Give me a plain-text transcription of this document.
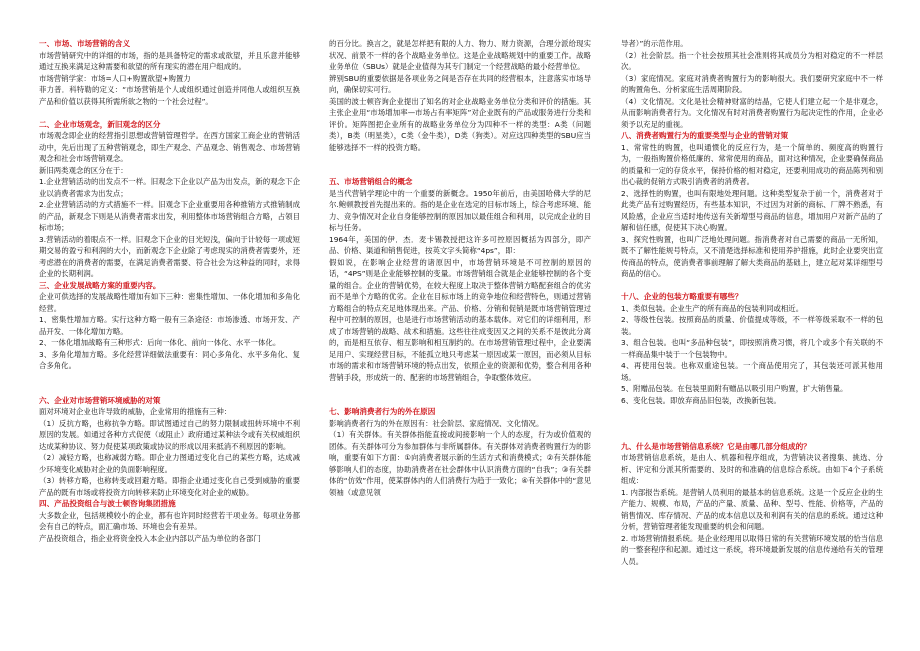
一、市场、市场营销的含义

市场营销研究中的详细的市场，指的是具备特定的需求或欲望，并且乐意并能够通过互换来满足这种需要和欲望的所有现实的潜在用户组成的。

市场营销学家：市场=人口+购置欲望+购置力

菲力普．科特勒的定义：“市场营销是个人或组织通过创造并同他人或组织互换产品和价值以获得其所需所欲之物的一个社会过程”。

二、企业市场观念，新旧观念的区分

市场观念即企业的经营指引思想或营销管理哲学。在西方国家工商企业的营销活动中，先后出现了五种营销观念，即生产观念、产品观念、销售观念、市场营销观念和社会市场营销观念。

新旧两类观念的区分在于：

1.企业营销活动的出发点不一样。旧观念下企业以产品为出发点，新的观念下企业以消费者需求为出发点；

2.企业营销活动的方式措施不一样。旧观念下企业重要用各种推销方式推销制成的产品，新观念下则是从消费者需求出发，利用整体市场营销组合方略，占领目标市场；

3.营销活动的着眼点不一样。旧观念下企业的目光短浅，偏向于计较每一项或短期交易的盈亏和利润的大小，而新观念下企业除了考虑现实的消费者需要外，还考虑潜在的消费者的需要，在满足消费者需要、符合社会为这种益的同时，求得企业的长期利润。

三、企业发展战略方案的重要内容。

企业可供选择的发展战略性增加有如下三种：密集性增加、一体化增加和多角化经营。

1、密集性增加方略。实行这种方略一般有三条途径：市场渗透、市场开发、产品开发、一体化增加方略。

2、一体化增加战略有三种形式：后向一体化、前向一体化、水平一体化。

3、多角化增加方略。多化经营详细做法重要有：同心多角化、水平多角化、复合多角化。

六、企业对市场营销环境威胁的对策

面对环境对企业也许导致的威胁，企业常用的措施有三种：

（1）反抗方略，也称抗争方略。即试图通过自己的努力限制或扭转环境中不利原因的发展。如通过各种方式促使（或阻止）政府通过某种法令或有关权威组织达成某种协议、努力促使某项政策或协议的形成以用来抵消不利原因的影响。

（2）减轻方略，也称减弱方略。即企业力图通过变化自己的某些方略，达成减少环境变化威胁对企业的负面影响程度。

（3）转移方略，也称转变或回避方略。即指企业通过变化自己受到威胁的重要产品的既有市场或将投资方向转移来防止环境变化对企业的威胁。

四、产品投资组合与波士顿咨询集团措施

大多数企业，包括规模较小的企业，都有也许同时经营若干项业务。每项业务都会有自己的特点，面汇确市场、环境也会有差异。

产品投资组合，指企业将资金投入本企业内部以产品为单位的各部门

的百分比。换言之，就是怎样把有限的人力、物力、财力资源，合理分派给现实状况、前景不一样的各个战略业务单位。这是企业战略规划中的重要工作。战略业务单位（SBUs）就是企业值得为其专门制定一个经营战略的最小经营单位。

辨别SBU的重要依据是各项业务之间是否存在共同的经营根本，注意落实市场导向，确保切实可行。

美国的波士顿咨询企业提出了知名的对企业战略业务单位分类和评价的措施。其主张企业用“市场增加率—市场占有率矩阵”对企业既有的产品或服务进行分类和评价。矩阵图把企业所有的战略业务单位分为四种不一样的类型：A类（问题类），B类（明星类），C类（金牛类），D类（狗类）。对应这四种类型的SBU应当能够选择不一样的投资方略。

五、市场营销组合的概念

是当代营销学理论中的一个重要的新概念。1950年前后，由美国哈佛大学的尼尔.鲍顿教授首先提出来的。指的是企业在选定的目标市场上，综合考虑环境、能力、竞争情况对企业自身能够控制的原因加以最佳组合和利用，以完成企业的目标与任务。

1964年，美国的伊．杰．麦卡锡教授把这许多可控原因概括为四部分，即产品、价格、渠道和销售促进，按英文字头简称“4ps”，即：

假如说，在影响企业经营的诸原因中，市场营销环境是不可控制的原因的话，“4PS”则是企业能够控制的变量。市场营销组合就是企业能够控制的各个变量的组合。企业的营销优势，在较大程度上取决于整体营销方略配套组合的优劣而不是单个方略的优劣。企业在目标市场上的竞争地位和经营特色，则通过营销方略组合的特点充足地体现出来。产品、价格、分销和促销是既市场营销管理过程中可控制的原因，也是进行市场营销活动的基本载体。对它们的详细利用，形成了市场营销的战略、战术和措施。这些往往成变因又之间的关系不是彼此分离的，而是相互依存、相互影响和相互制约的。在市场营销管理过程中，企业要满足用户、实现经营目标，不能孤立地只考虑某一原因或某一原因，而必须从目标市场的需求和市场营销环境的特点出发，依照企业的资源和优势，整合利用各种营销手段，形成统一的、配套的市场营销组合，争取整体效应。

七、影响消费者行为的外在原因

影响消费者行为的外在原因有：社会阶层、家庭情况、文化情况。

（1）有关群体。有关群体指能直接或间接影响一个人的态度，行为或价值观的团体。有关群体可分为参加群体与非所属群体。有关群体对消费者购置行为的影响，重要有如下方面：①向消费者展示新的生活方式和消费模式；②有关群体能够影响人们的态度，协助消费者在社会群体中认识消费方面的“自我”；③有关群体的“仿效”作用，使某群体内的人们消费行为趋于一致化；④有关群体中的“意见领袖（或意见领

导者）”的示范作用。

（2）社会阶层。指一个社会按照其社会准则将其成员分为相对稳定的不一样层次。

（3）家庭情况。家庭对消费者购置行为的影响很大。我们要研究家庭中不一样的购置角色、分析家庭生活周期阶段。

（4）文化情况。文化是社会精神财富的结晶，它使人们建立起一个是非观念，从而影响消费者行为。文化情况有时对消费者购置行为起决定性的作用，企业必须予以充足的重视。

八、消费者购置行为的重要类型与企业的营销对策

1、常常性的购置，也叫通惯化的反应行为，是一个简单的、频度高的购置行为，一般指购置价格低廉的、常常使用的商品，面对这种情况，企业要确保商品的质量和一定的存货水平，保持价格的相对稳定，还要利用成功的商品陈列和别出心裁的促销方式吸引消费者的消费者。

2、选择性的购置，也叫有限地处理问题。这种类型复杂于前一个，消费者对于此类产品有过购置经历，有些基本知识，不过因为对新的商标、厂牌不熟悉，有风险感，企业应当适时地传送有关新增型号商品的信息，增加用户对新产品的了解和信任感，促使其下决心购置。

3、探究性购置，也叫广泛地处理问题。指消费者对自己需要的商品一无所知，既不了解性能规号特点，又不清楚选择标准和使用养护措施，此时企业要突出宣传商品的特点，使消费者事前理解了解大类商品的基础上，建立起对某详细型号商品的信心。

十八、企业的包装方略重要有哪些？

1、类似包装。企业生产的所有商品的包装利同或相近。

2、等级性包装。按照商品的质量、价值提成等级，不一样等级采取不一样的包装。

3、组合包装。也叫“多品种包装”，即按照消费习惯，将几个或多个有关联的不一样商品集中装于一个包装物中。

4、再使用包装。也称双重途包装。一个商品使用完了，其包装还可派其他用场。

5、附赠品包装。在包装里面附有赠品以吸引用户购置，扩大销售量。

6、变化包装。即放弃商品旧包装，改换新包装。

九、什么是市场营销信息系统？它是由哪几部分组成的？

市场营销信息系统，是由人、机器和程序组成，为营销决议者搜集、挑选、分析、评定和分派其所需要的、及时的和准确的信息综合系统。由如下4个子系统组成：

1. 内部报告系统。是营销人员利用的最基本的信息系统。这是一个反应企业的生产能力、规模、布局，产品的产量、质量、品种、型号、性能、价格等，产品的销售情况、库存情况、产品的成本信息以及和利润有关的信息的系统。通过这种分析，营销管理者能发现重要的机会和问题。

2. 市场营销情报系统。是企业经理用以取得日常的有关营销环境发展的恰当信息的一整套程序和起源。通过这一系统，将环境最新发展的信息传递给有关的管理人员。
